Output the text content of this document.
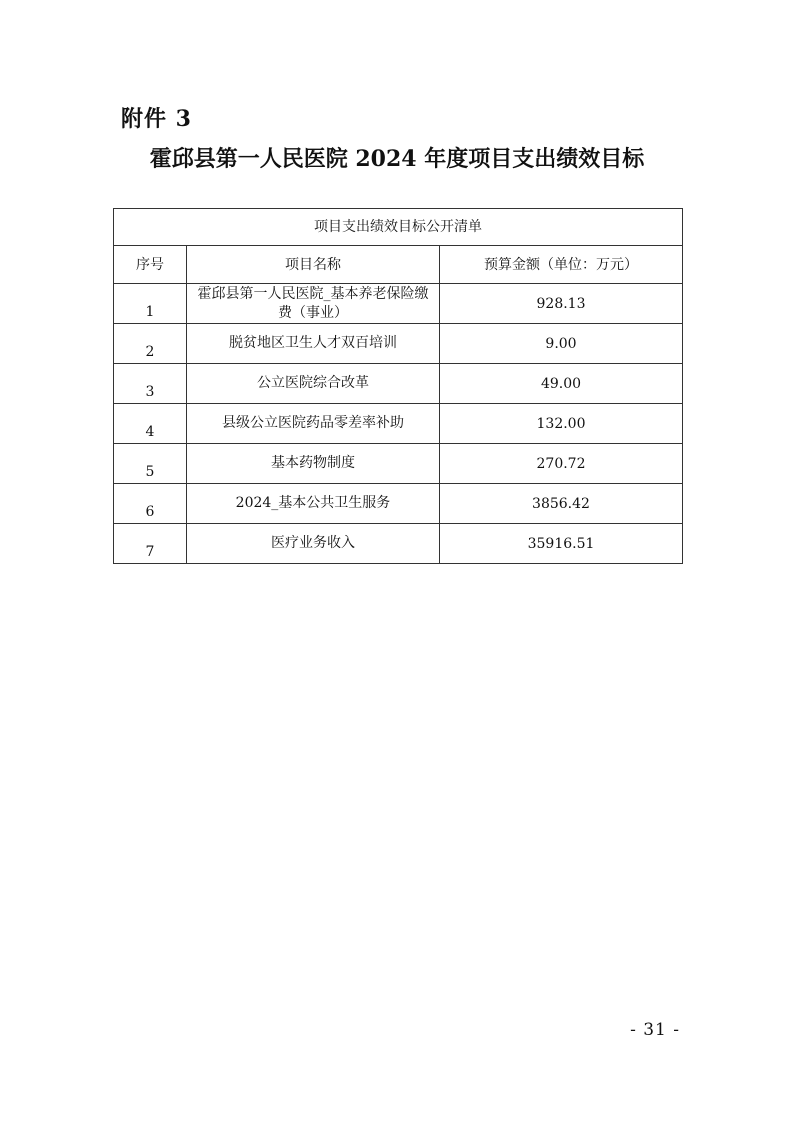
附件 3
霍邱县第一人民医院 2024 年度项目支出绩效目标
项目支出绩效目标公开清单		
序号	项目名称	预算金额（单位：万元）
1	霍邱县第一人民医院_基本养老保险缴费（事业）	928.13
2	脱贫地区卫生人才双百培训	9.00
3	公立医院综合改革	49.00
4	县级公立医院药品零差率补助	132.00
5	基本药物制度	270.72
6	2024_基本公共卫生服务	3856.42
7	医疗业务收入	35916.51
- 31 -
